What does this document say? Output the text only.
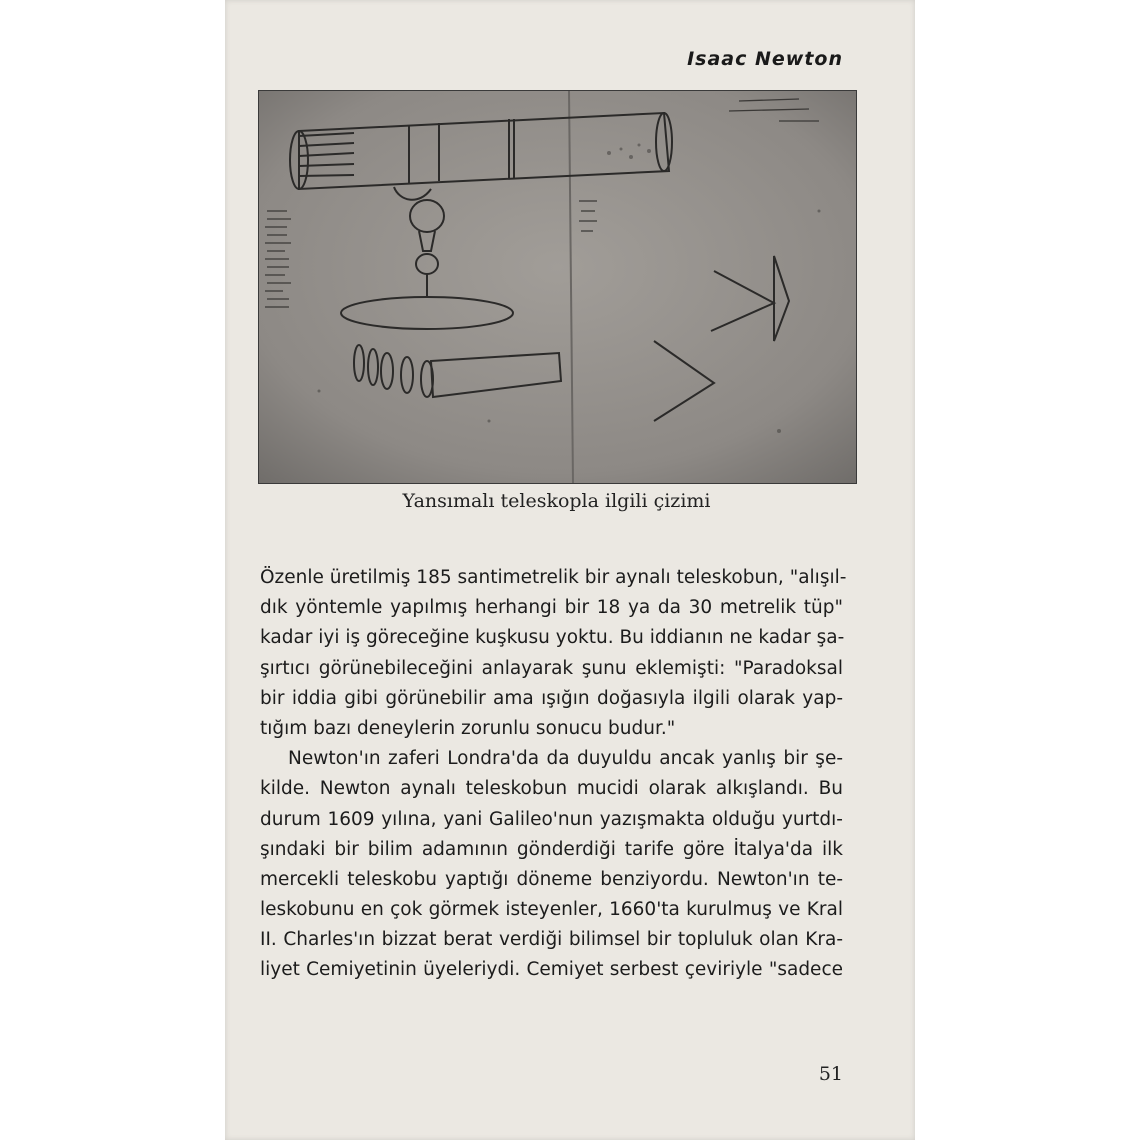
Isaac Newton
Yansımalı teleskopla ilgili çizimi
Özenle üretilmiş 185 santimetrelik bir aynalı teleskobun, "alışıl-
dık yöntemle yapılmış herhangi bir 18 ya da 30 metrelik tüp"
kadar iyi iş göreceğine kuşkusu yoktu. Bu iddianın ne kadar şa-
şırtıcı görünebileceğini anlayarak şunu eklemişti: "Paradoksal
bir iddia gibi görünebilir ama ışığın doğasıyla ilgili olarak yap-
tığım bazı deneylerin zorunlu sonucu budur."
Newton'ın zaferi Londra'da da duyuldu ancak yanlış bir şe-
kilde. Newton aynalı teleskobun mucidi olarak alkışlandı. Bu
durum 1609 yılına, yani Galileo'nun yazışmakta olduğu yurtdı-
şındaki bir bilim adamının gönderdiği tarife göre İtalya'da ilk
mercekli teleskobu yaptığı döneme benziyordu. Newton'ın te-
leskobunu en çok görmek isteyenler, 1660'ta kurulmuş ve Kral
II. Charles'ın bizzat berat verdiği bilimsel bir topluluk olan Kra-
liyet Cemiyetinin üyeleriydi. Cemiyet serbest çeviriyle "sadece
51
